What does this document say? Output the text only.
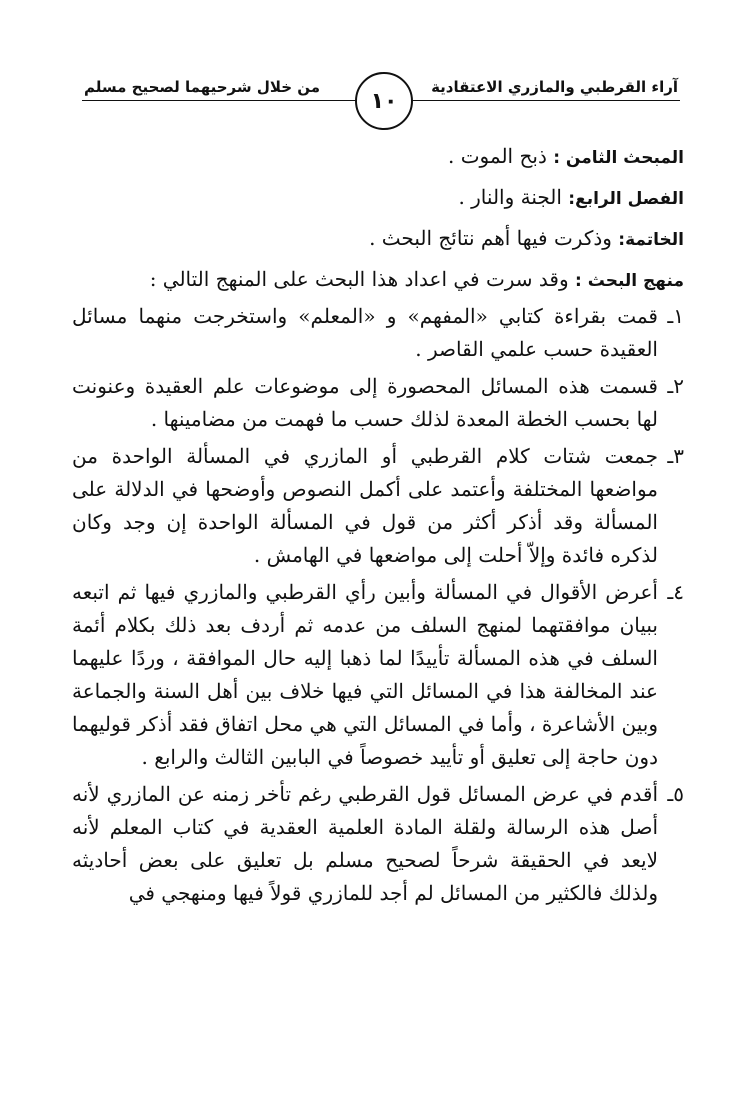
آراء القرطبي والمازري الاعتقادية
من خلال شرحيهما لصحيح مسلم
١٠

المبحث الثامن : ذبح الموت .

الفصل الرابع: الجنة والنار .

الخاتمة: وذكرت فيها أهم نتائج البحث .

منهج البحث : وقد سرت في اعداد هذا البحث على المنهج التالي :

١ـ
قمت بقراءة كتابي «المفهم» و «المعلم» واستخرجت منهما مسائل العقيدة حسب علمي القاصر .
٢ـ
قسمت هذه المسائل المحصورة إلى موضوعات علم العقيدة وعنونت لها بحسب الخطة المعدة لذلك حسب ما فهمت من مضامينها .
٣ـ
جمعت شتات كلام القرطبي أو المازري في المسألة الواحدة من مواضعها المختلفة وأعتمد على أكمل النصوص وأوضحها في الدلالة على المسألة وقد أذكر أكثر من قول في المسألة الواحدة إن وجد وكان لذكره فائدة وإلاّ أحلت إلى مواضعها في الهامش .
٤ـ
أعرض الأقوال في المسألة وأبين رأي القرطبي والمازري فيها ثم اتبعه ببيان موافقتهما لمنهج السلف من عدمه ثم أردف بعد ذلك بكلام أئمة السلف في هذه المسألة تأييدًا لما ذهبا إليه حال الموافقة ، وردًا عليهما عند المخالفة هذا في المسائل التي فيها خلاف بين أهل السنة والجماعة وبين الأشاعرة ، وأما في المسائل التي هي محل اتفاق فقد أذكر قوليهما دون حاجة إلى تعليق أو تأييد خصوصاً في البابين الثالث والرابع .
٥ـ
أقدم في عرض المسائل قول القرطبي رغم تأخر زمنه عن المازري لأنه أصل هذه الرسالة ولقلة المادة العلمية العقدية في كتاب المعلم لأنه لايعد في الحقيقة شرحاً لصحيح مسلم بل تعليق على بعض أحاديثه ولذلك فالكثير من المسائل لم أجد للمازري قولاً فيها ومنهجي في
